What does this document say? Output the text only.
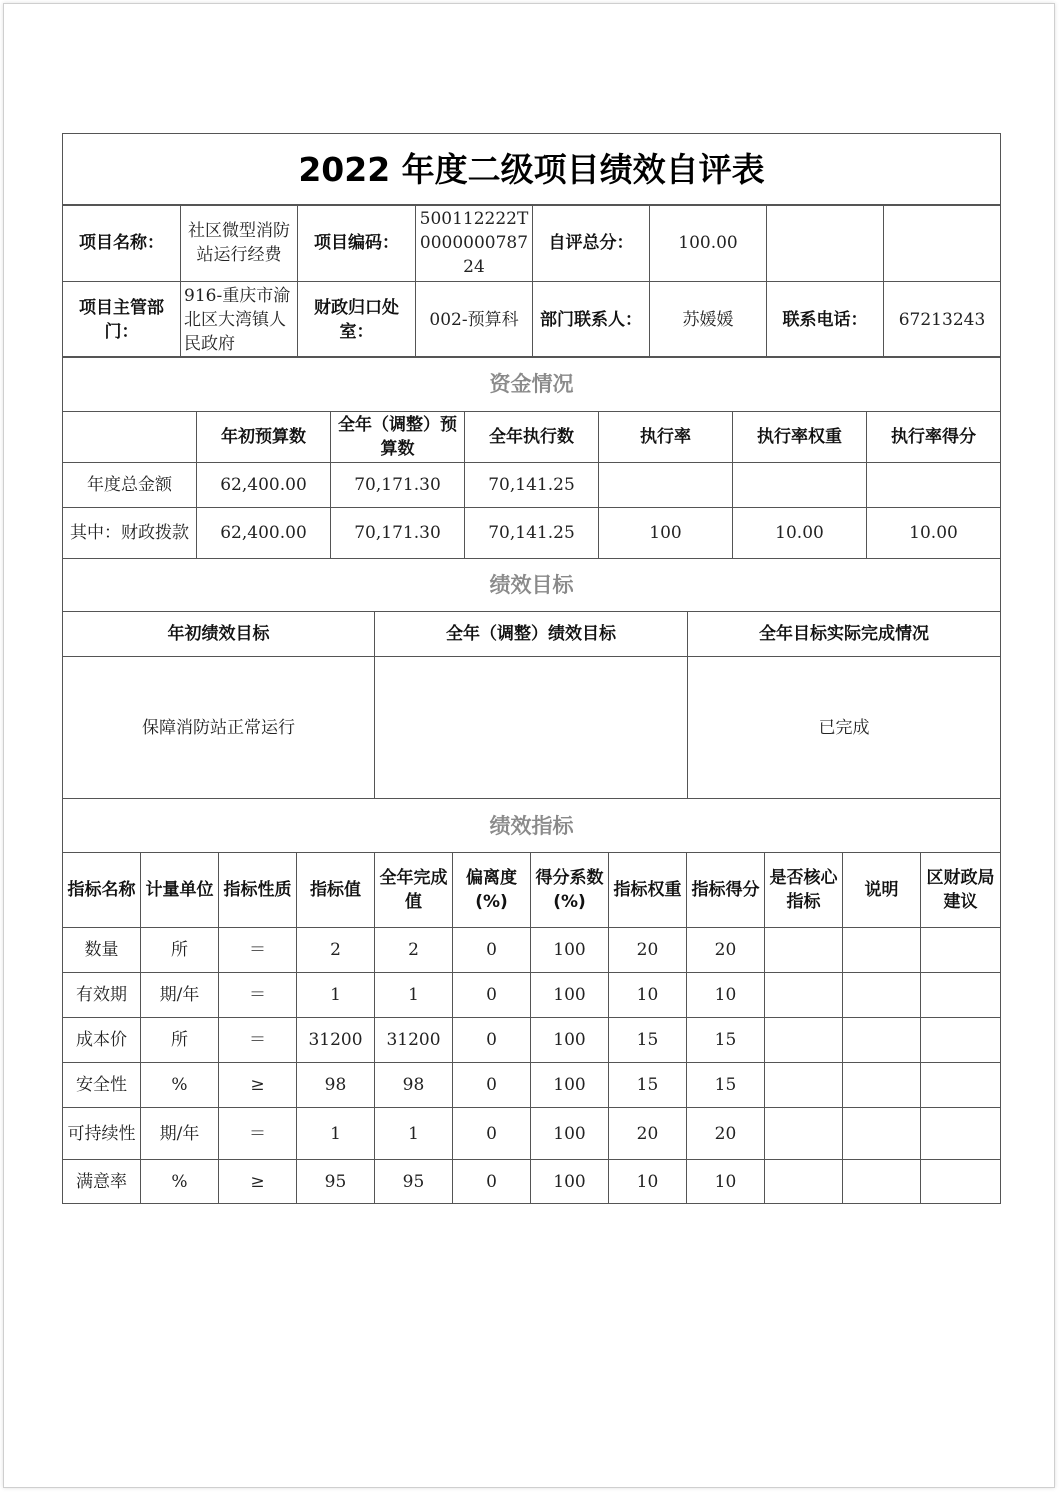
2022 年度二级项目绩效自评表
项目名称：	社区微型消防站运行经费	项目编码：	500112222T000000078724	自评总分：	100.00		
项目主管部门：	916-重庆市渝北区大湾镇人民政府	财政归口处室：	002-预算科	部门联系人：	苏媛媛	联系电话：	67213243
资金情况						
	年初预算数	全年（调整）预算数	全年执行数	执行率	执行率权重	执行率得分
年度总金额	62,400.00	70,171.30	70,141.25			
其中：财政拨款	62,400.00	70,171.30	70,141.25	100	10.00	10.00
绩效目标		
年初绩效目标	全年（调整）绩效目标	全年目标实际完成情况
保障消防站正常运行		已完成
绩效指标											
指标名称	计量单位	指标性质	指标值	全年完成值	偏离度(%)	得分系数(%)	指标权重	指标得分	是否核心指标	说明	区财政局建议
数量	所	＝	2	2	0	100	20	20			
有效期	期/年	＝	1	1	0	100	10	10			
成本价	所	＝	31200	31200	0	100	15	15			
安全性	%	≥	98	98	0	100	15	15			
可持续性	期/年	＝	1	1	0	100	20	20			
满意率	%	≥	95	95	0	100	10	10			
